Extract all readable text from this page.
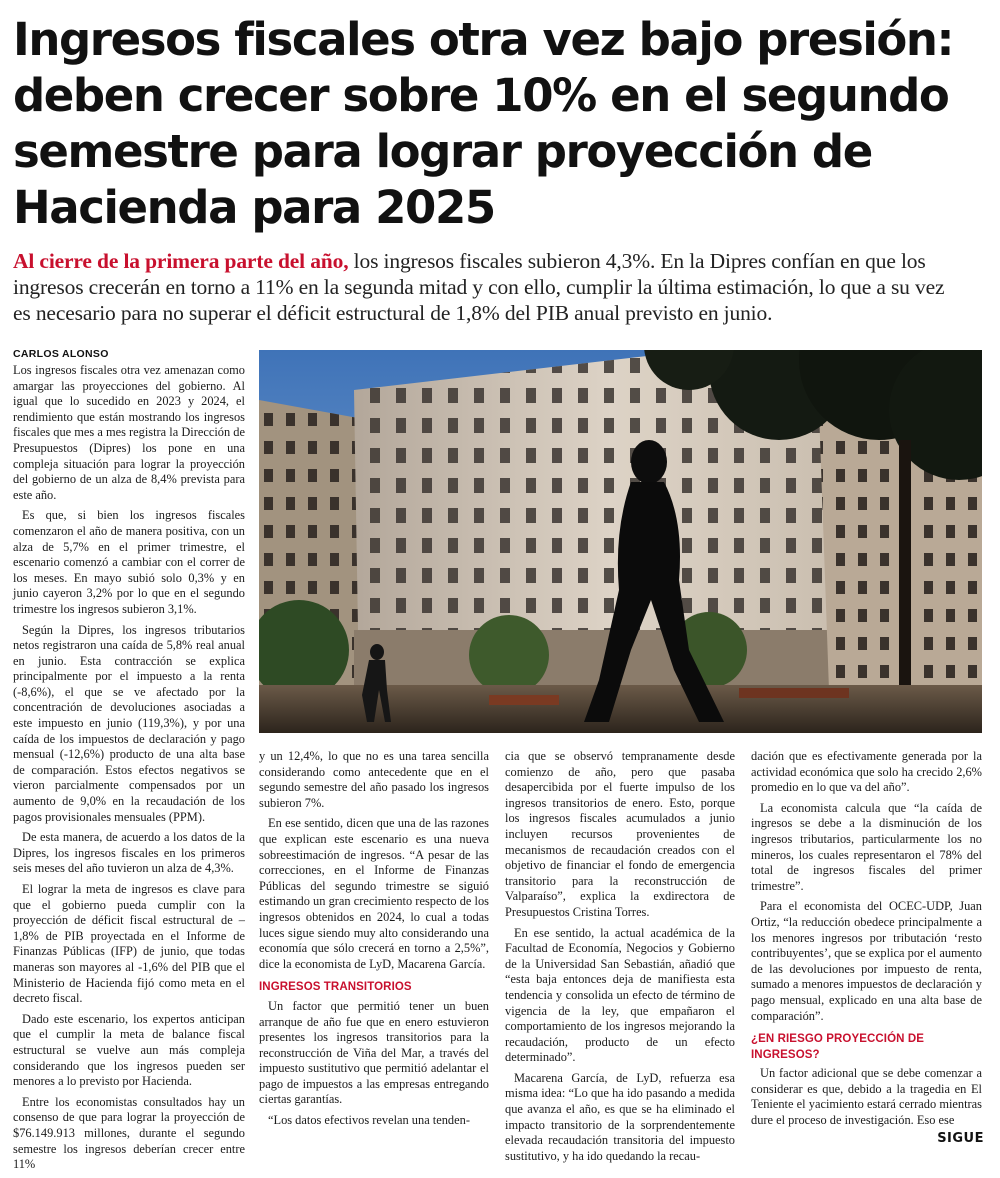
Ingresos fiscales otra vez bajo presión:
deben crecer sobre 10% en el segundo
semestre para lograr proyección de
Hacienda para 2025
Al cierre de la primera parte del año, los ingresos fiscales subieron 4,3%. En la Dipres confían en que los
ingresos crecerán en torno a 11% en la segunda mitad y con ello, cumplir la última estimación, lo que a su vez
es necesario para no superar el déficit estructural de 1,8% del PIB anual previsto en junio.
CARLOS ALONSO

Los ingresos fiscales otra vez amenazan como amargar las proyecciones del gobierno. Al igual que lo sucedido en 2023 y 2024, el rendimiento que están mostrando los ingresos fiscales que mes a mes registra la Dirección de Presupuestos (Dipres) los pone en una compleja situación para lograr la proyección del gobierno de un alza de 8,4% prevista para este año.

Es que, si bien los ingresos fiscales comenzaron el año de manera positiva, con un alza de 5,7% en el primer trimestre, el escenario comenzó a cambiar con el correr de los meses. En mayo subió solo 0,3% y en junio cayeron 3,2% por lo que en el segundo trimestre los ingresos subieron 3,1%.

Según la Dipres, los ingresos tributarios netos registraron una caída de 5,8% real anual en junio. Esta contracción se explica principalmente por el impuesto a la renta (-8,6%), el que se ve afectado por la concentración de devoluciones asociadas a este impuesto en junio (119,3%), y por una caída de los impuestos de declaración y pago mensual (-12,6%) producto de una alta base de comparación. Estos efectos negativos se vieron parcialmente compensados por un aumento de 9,0% en la recaudación de los pagos provisionales mensuales (PPM).

De esta manera, de acuerdo a los datos de la Dipres, los ingresos fiscales en los primeros seis meses del año tuvieron un alza de 4,3%.

El lograr la meta de ingresos es clave para que el gobierno pueda cumplir con la proyección de déficit fiscal estructural de –1,8% de PIB proyectada en el Informe de Finanzas Públicas (IFP) de junio, que todas maneras son mayores al -1,6% del PIB que el Ministerio de Hacienda fijó como meta en el decreto fiscal.

Dado este escenario, los expertos anticipan que el cumplir la meta de balance fiscal estructural se vuelve aun más compleja considerando que los ingresos pueden ser menores a lo previsto por Hacienda.

Entre los economistas consultados hay un consenso de que para lograr la proyección de $76.149.913 millones, durante el segundo semestre los ingresos deberían crecer entre 11%

y un 12,4%, lo que no es una tarea sencilla considerando como antecedente que en el segundo semestre del año pasado los ingresos subieron 7%.

En ese sentido, dicen que una de las razones que explican este escenario es una nueva sobreestimación de ingresos. “A pesar de las correcciones, en el Informe de Finanzas Públicas del segundo trimestre se siguió estimando un gran crecimiento respecto de los ingresos obtenidos en 2024, lo cual a todas luces sigue siendo muy alto considerando una economía que sólo crecerá en torno a 2,5%”, dice la economista de LyD, Macarena García.

INGRESOS TRANSITORIOS

Un factor que permitió tener un buen arranque de año fue que en enero estuvieron presentes los ingresos transitorios para la reconstrucción de Viña del Mar, a través del impuesto sustitutivo que permitió adelantar el pago de impuestos a las empresas entregando ciertas garantías.

“Los datos efectivos revelan una tenden-

cia que se observó tempranamente desde comienzo de año, pero que pasaba desapercibida por el fuerte impulso de los ingresos transitorios de enero. Esto, porque los ingresos fiscales acumulados a junio incluyen recursos provenientes de mecanismos de recaudación creados con el objetivo de financiar el fondo de emergencia transitorio para la reconstrucción de Valparaíso”, explica la exdirectora de Presupuestos Cristina Torres.

En ese sentido, la actual académica de la Facultad de Economía, Negocios y Gobierno de la Universidad San Sebastián, añadió que “esta baja entonces deja de manifiesta esta tendencia y consolida un efecto de término de vigencia de la ley, que empañaron el comportamiento de los ingresos mejorando la recaudación, producto de un efecto determinado”.

Macarena García, de LyD, refuerza esa misma idea: “Lo que ha ido pasando a medida que avanza el año, es que se ha eliminado el impacto transitorio de la sorprendentemente elevada recaudación transitoria del impuesto sustitutivo, y ha ido quedando la recau-

dación que es efectivamente generada por la actividad económica que solo ha crecido 2,6% promedio en lo que va del año”.

La economista calcula que “la caída de ingresos se debe a la disminución de los ingresos tributarios, particularmente los no mineros, los cuales representaron el 78% del total de ingresos fiscales del primer trimestre”.

Para el economista del OCEC-UDP, Juan Ortiz, “la reducción obedece principalmente a los menores ingresos por tributación ‘resto contribuyentes’, que se explica por el aumento de las devoluciones por impuesto de renta, sumado a menores impuestos de declaración y pago mensual, explicado en una alta base de comparación”.

¿EN RIESGO PROYECCIÓN DE INGRESOS?

Un factor adicional que se debe comenzar a considerar es que, debido a la tragedia en El Teniente el yacimiento estará cerrado mientras dure el proceso de investigación. Eso ese

SIGUE
